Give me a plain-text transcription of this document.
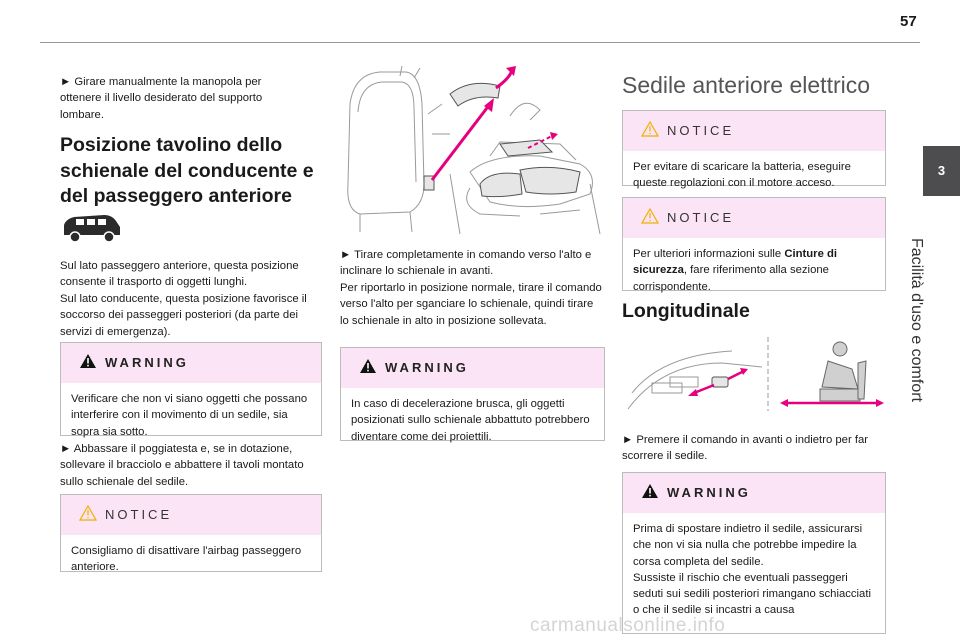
57
3
Facilità d'uso e comfort

► Girare manualmente la manopola per ottenere il livello desiderato del supporto lombare.

Posizione tavolino dello schienale del conducente e del passeggero anteriore

Sul lato passeggero anteriore, questa posizione consente il trasporto di oggetti lunghi.

Sul lato conducente, questa posizione favorisce il soccorso dei passeggeri posteriori (da parte dei servizi di emergenza).

WARNING
Verificare che non vi siano oggetti che possano interferire con il movimento di un sedile, sia sopra sia sotto.

► Abbassare il poggiatesta e, se in dotazione, sollevare il bracciolo e abbattere il tavoli montato sullo schienale del sedile.

NOTICE
Consigliamo di disattivare l'airbag passeggero anteriore.

► Tirare completamente in comando verso l'alto e inclinare lo schienale in avanti.

Per riportarlo in posizione normale, tirare il comando verso l'alto per sganciare lo schienale, quindi tirare lo schienale in alto in posizione sollevata.

WARNING
In caso di decelerazione brusca, gli oggetti posizionati sullo schienale abbattuto potrebbero diventare come dei proiettili.
Sedile anteriore elettrico
NOTICE
Per evitare di scaricare la batteria, eseguire queste regolazioni con il motore acceso.
NOTICE
Per ulteriori informazioni sulle Cinture di sicurezza, fare riferimento alla sezione corrispondente.
Longitudinale

► Premere il comando in avanti o indietro per far scorrere il sedile.

WARNING
Prima di spostare indietro il sedile, assicurarsi che non vi sia nulla che potrebbe impedire la corsa completa del sedile.
Sussiste il rischio che eventuali passeggeri seduti sui sedili posteriori rimangano schiacciati o che il sedile si incastri a causa
carmanualsonline.info
